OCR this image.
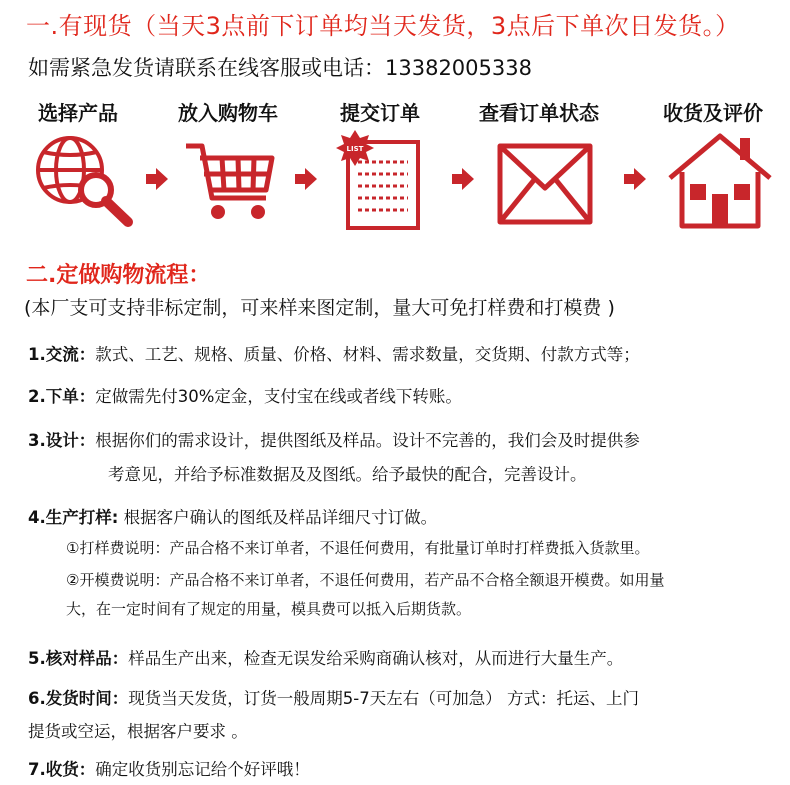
一.有现货（当天3点前下订单均当天发货，3点后下单次日发货。）
如需紧急发货请联系在线客服或电话：13382005338
选择产品	放入购物车	提交订单	查看订单状态	收货及评价
LIST
二.定做购物流程：
(本厂支可支持非标定制，可来样来图定制，量大可免打样费和打模费 )
1.交流：款式、工艺、规格、质量、价格、材料、需求数量，交货期、付款方式等；
2.下单：定做需先付30%定金，支付宝在线或者线下转账。
3.设计：根据你们的需求设计，提供图纸及样品。设计不完善的，我们会及时提供参
考意见，并给予标准数据及及图纸。给予最快的配合，完善设计。
4.生产打样: 根据客户确认的图纸及样品详细尺寸订做。
①打样费说明：产品合格不来订单者，不退任何费用，有批量订单时打样费抵入货款里。
②开模费说明：产品合格不来订单者，不退任何费用，若产品不合格全额退开模费。如用量
大，在一定时间有了规定的用量，模具费可以抵入后期货款。
5.核对样品：样品生产出来，检查无误发给采购商确认核对，从而进行大量生产。
6.发货时间：现货当天发货，订货一般周期5-7天左右（可加急） 方式：托运、上门
提货或空运，根据客户要求 。
7.收货：确定收货别忘记给个好评哦！
